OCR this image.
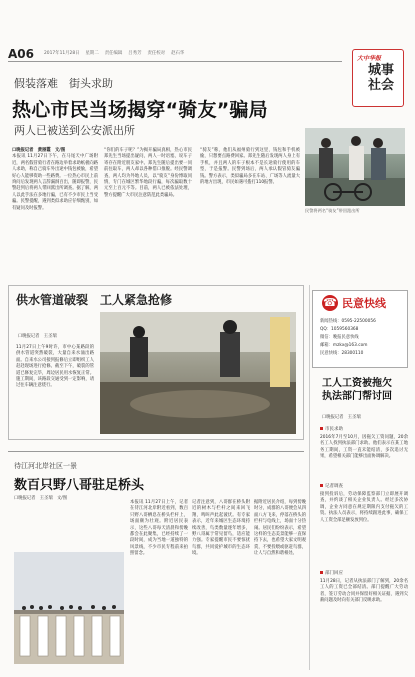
A06 2017年11月28日 星期二 责任编辑 吕秀芳 责任校对 赵石华
大中华报
城事社会
假装落难　街头求助
热心市民当场揭穿“骑友”骗局
两人已被送到公安派出所
口晚报记者　黄丽霞　文/图
本报讯 11月27日下午，在马尾天中广场附近，两名假冒骑行者在路边举着求助纸板向路人求助，称自己骑车外出途中钱包被偷，希望好心人能够资助一些路费。一位热心市民上前询问后发现两人言辞漏洞百出，随即报警，民警赶到后将两人带回派出所调查。据了解，两人以此手法在多地行骗，已有不少市民上当受骗。民警提醒，遇到类似求助应仔细甄别，如有疑问及时报警。
“你们的车子呢？”为揭开骗局真相，热心市民郑先生当场提出疑问，两人一时语塞，说车子寄存在附近朋友家中。郑先生随后提出要一同前往取车，两人却以各种借口推脱。经民警调查，两人均为外地人员，以“骑友”身份博取同情，专门在城区繁华地段行骗，每次骗取数十元至上百元不等。目前，两人已被依法处理，警方提醒广大市民注意防范此类骗局。
“骑友”称，他们从福州骑行到这里，钱包和手机被偷，只想要点路费回家。郑先生随后发现两人身上有手机，并且两人的车子根本不是长途骑行使用的车型，于是报警。民警到场后，两人承认假冒骑友骗钱。警方表示，类似骗局多在车站、广场等人流量大的地方出现，市民如遇可拨打110报警。
民警将两名“骑友”带回派出所
供水管道破裂　工人紧急抢修
口晚报记者　王圣瑞
11月27日上午9时许，市中心某路段的供水管道突然破裂，大量自来水涌出路面。自来水公司接到报修后立即组织工人赶赴现场进行抢修。截至下午，破裂的管道已修复完毕，周边居民用水恢复正常。施工期间，该路段交通受到一定影响，请过往车辆注意绕行。
待江河北岸社区一景
数百只野八哥驻足桥头
口晚报记者　王圣瑞　文/图
本报讯 11月27日上午，记者在待江河北岸附近看到，数百只野八哥栖息在桥头栏杆上，场面颇为壮观。附近居民表示，这些八哥每天清晨和傍晚都会在此聚集，已经持续了一段时间，成为当地一道独特的风景线，不少市民专程前来拍照留念。
记者注意到，八哥群在桥头附近的树木与栏杆之间来回飞翔，鸣叫声此起彼伏。有专家表示，近年来城区生态环境持续改善，鸟类数量逐年增多，野八哥属于常见留鸟，适应能力强。专家提醒市民不要惊扰鸟群，共同爱护城市的生态环境。
据附近居民介绍，每到傍晚时分，成群的八哥便会从四面八方飞来，停落在桥头的栏杆与电线上，场面十分热闹。居民们纷纷表示，希望这样的生态美景能够一直保持下去，也希望大家文明观赏，不要投喂或驱赶鸟群，让人与自然和谐相处。
☎ 民意快线
新闻热线：0595-22500056
QQ：1059560368
微信：晚报民意快线
邮箱：mzkx@163.com
民意快线：28300110
工人工资被拖欠　执法部门帮讨回
口晚报记者　王圣瑞
市民求助
2016年7月至10月，因拖欠工资问题，20余名工人找到执法部门求助。他们表示在某工地务工期间，工资一直未能结清，多次追讨无果，希望相关部门能够出面协调解决。
记者调查
接到投诉后，劳动保障监察部门立即展开调查，并约谈了相关企业负责人。经过多次协调，企业方同意在规定期限内支付拖欠的工资。执法人员表示，将持续跟进此事，确保工人工资全部足额发放到位。
部门回应
11月28日，记者从执法部门了解到，20余名工人的工资已全部结清。部门提醒广大劳动者，签订劳动合同并保留好相关证据，遇到欠薪问题及时向有关部门反映求助。
